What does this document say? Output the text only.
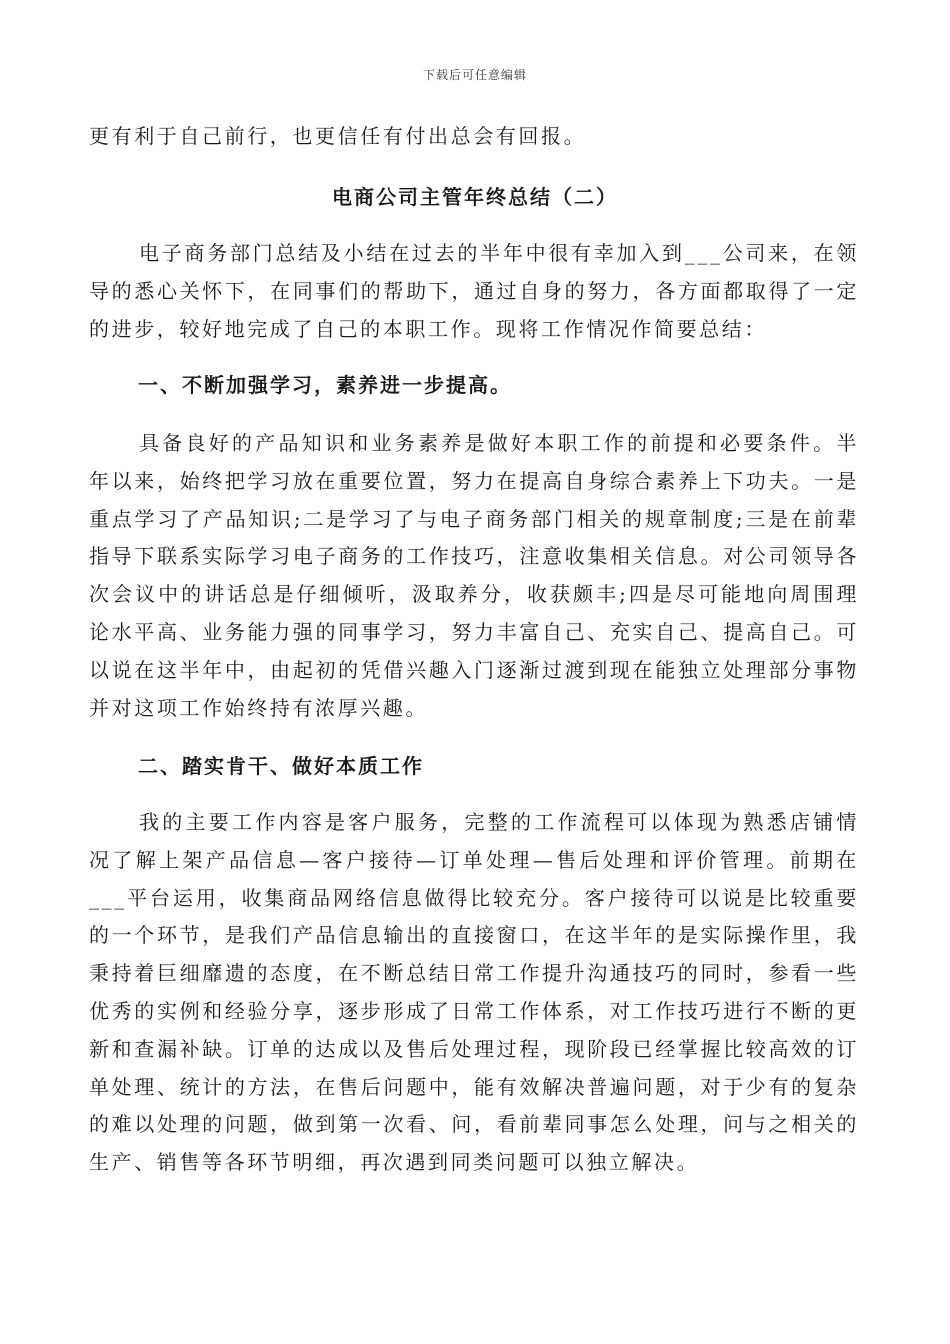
下载后可任意编辑

更有利于自己前行，也更信任有付出总会有回报。

电商公司主管年终总结（二）

电子商务部门总结及小结在过去的半年中很有幸加入到___公司来，在领导的悉心关怀下，在同事们的帮助下，通过自身的努力，各方面都取得了一定的进步，较好地完成了自己的本职工作。现将工作情况作简要总结：

一、不断加强学习，素养进一步提高。

具备良好的产品知识和业务素养是做好本职工作的前提和必要条件。半年以来，始终把学习放在重要位置，努力在提高自身综合素养上下功夫。一是重点学习了产品知识;二是学习了与电子商务部门相关的规章制度;三是在前辈指导下联系实际学习电子商务的工作技巧，注意收集相关信息。对公司领导各次会议中的讲话总是仔细倾听，汲取养分，收获颇丰;四是尽可能地向周围理论水平高、业务能力强的同事学习，努力丰富自己、充实自己、提高自己。可以说在这半年中，由起初的凭借兴趣入门逐渐过渡到现在能独立处理部分事物并对这项工作始终持有浓厚兴趣。

二、踏实肯干、做好本质工作

我的主要工作内容是客户服务，完整的工作流程可以体现为熟悉店铺情况了解上架产品信息—客户接待—订单处理—售后处理和评价管理。前期在___平台运用，收集商品网络信息做得比较充分。客户接待可以说是比较重要的一个环节，是我们产品信息输出的直接窗口，在这半年的是实际操作里，我秉持着巨细靡遗的态度，在不断总结日常工作提升沟通技巧的同时，参看一些优秀的实例和经验分享，逐步形成了日常工作体系，对工作技巧进行不断的更新和查漏补缺。订单的达成以及售后处理过程，现阶段已经掌握比较高效的订单处理、统计的方法，在售后问题中，能有效解决普遍问题，对于少有的复杂的难以处理的问题，做到第一次看、问，看前辈同事怎么处理，问与之相关的生产、销售等各环节明细，再次遇到同类问题可以独立解决。
